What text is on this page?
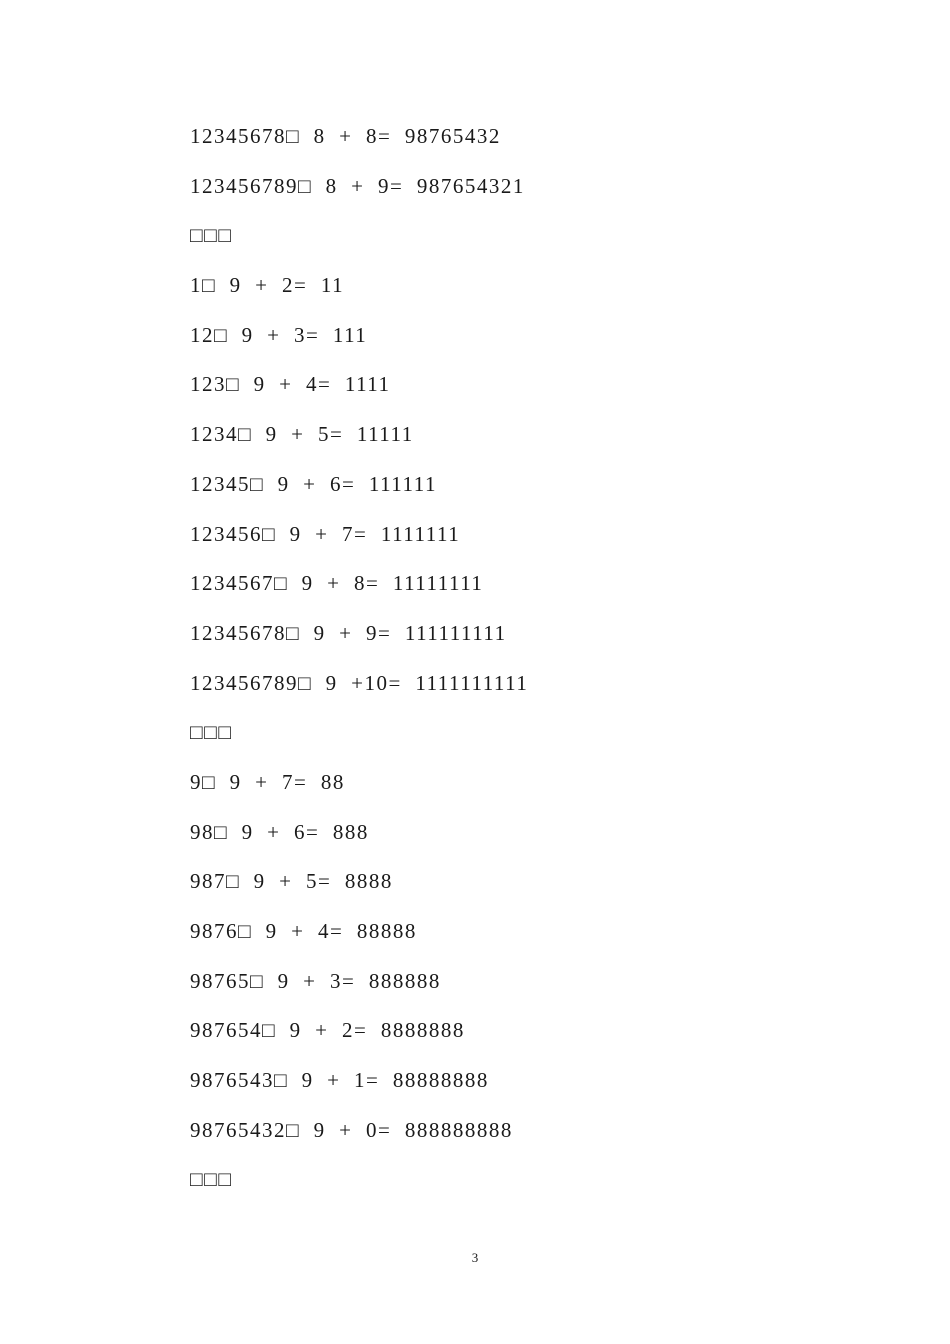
12345678□  8  +  8=  98765432
123456789□  8  +  9=  987654321
□□□
1□  9  +  2=  11
12□  9  +  3=  111
123□  9  +  4=  1111
1234□  9  +  5=  11111
12345□  9  +  6=  111111
123456□  9  +  7=  1111111
1234567□  9  +  8=  11111111
12345678□  9  +  9=  111111111
123456789□  9  +10=  1111111111
□□□
9□  9  +  7=  88
98□  9  +  6=  888
987□  9  +  5=  8888
9876□  9  +  4=  88888
98765□  9  +  3=  888888
987654□  9  +  2=  8888888
9876543□  9  +  1=  88888888
98765432□  9  +  0=  888888888
□□□
3
